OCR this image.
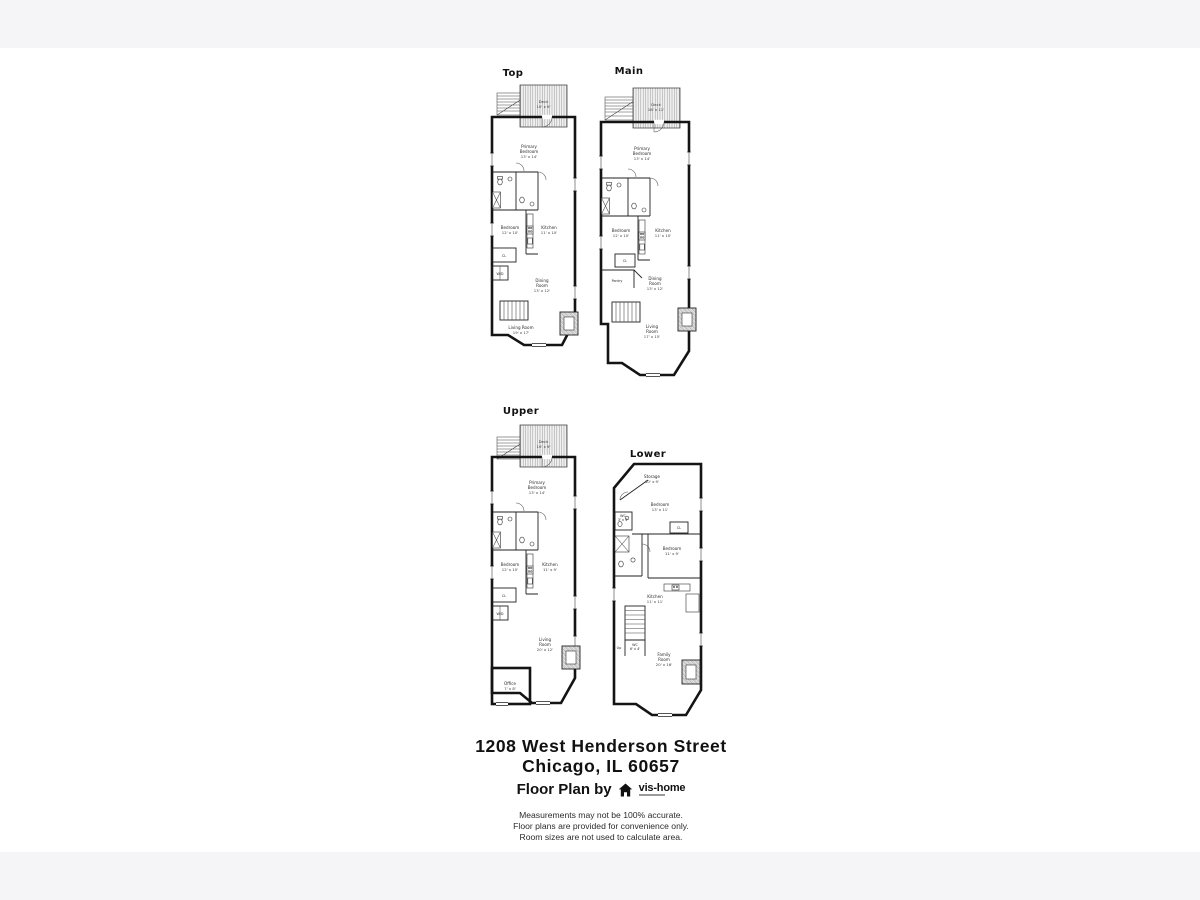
Top
Deck
10' x 9'
Primary
Bedroom
13' x 14'
Bedroom
12' x 10'
Kitchen
11' x 10'
CL
W/D
Dining
Room
13' x 12'
Living Room
19' x 17'
Main
Deck
16' x 11'
Primary
Bedroom
13' x 14'
Bedroom
12' x 10'
Kitchen
11' x 10'
CL
Pantry	Dining
Room
13' x 12'
Living
Room
17' x 15'
Upper
Deck
10' x 9'
Primary
Bedroom
13' x 14'
Bedroom
12' x 10'
Kitchen
11' x 9'
CL
W/D
Living
Room
20' x 12'
Office
7' x 8'
Lower
Storage
10' x 9'
WC
3' x 3'
Bedroom
13' x 11'
CL
Bedroom
11' x 9'
Kitchen
11' x 11'
Up
WC
6' x 4'
Family
Room
20' x 16'
1208 West Henderson Street
Chicago, IL 60657
Floor Plan by vis-home
Measurements may not be 100% accurate.
Floor plans are provided for convenience only.
Room sizes are not used to calculate area.
